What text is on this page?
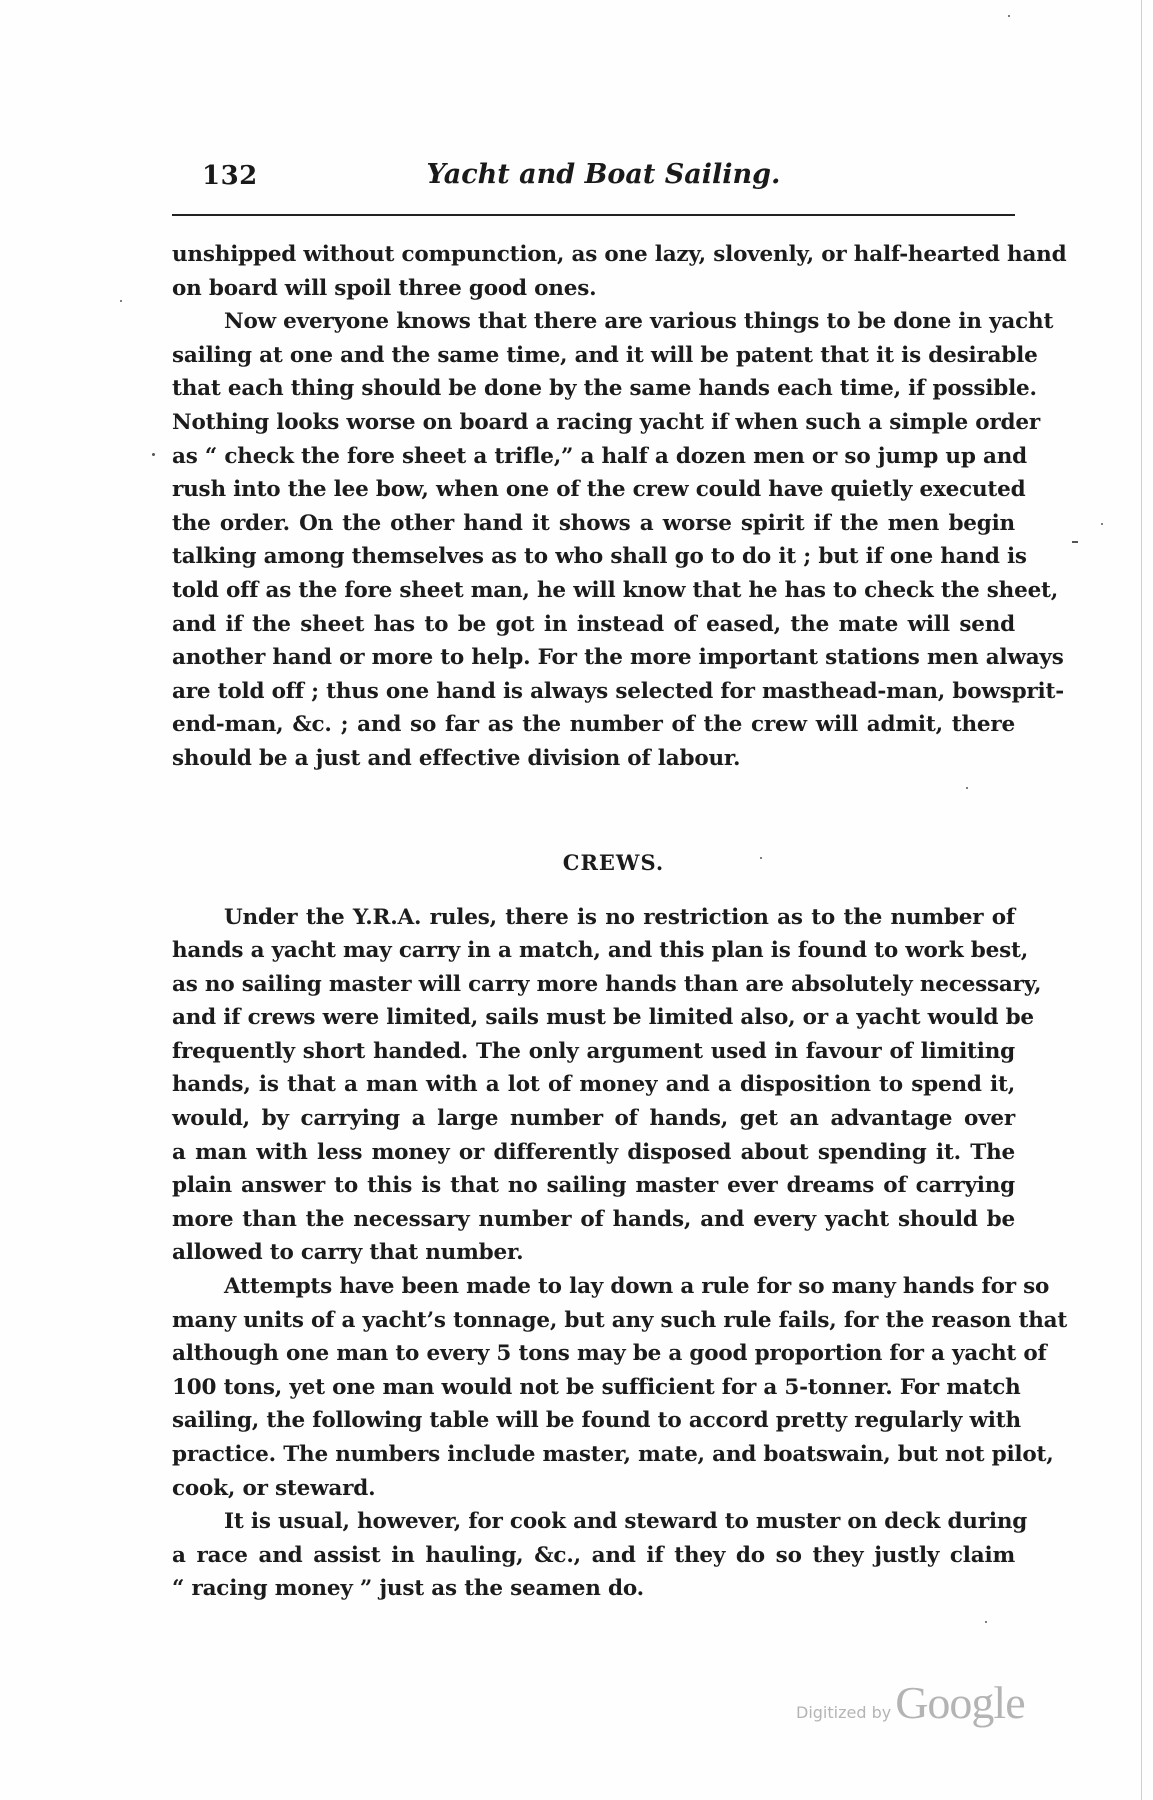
132	Yacht and Boat Sailing.
unshipped without compunction, as one lazy, slovenly, or half-hearted hand
on board will spoil three good ones.
Now everyone knows that there are various things to be done in yacht
sailing at one and the same time, and it will be patent that it is desirable
that each thing should be done by the same hands each time, if possible.
Nothing looks worse on board a racing yacht if when such a simple order
as “ check the fore sheet a trifle,” a half a dozen men or so jump up and
rush into the lee bow, when one of the crew could have quietly executed
the order. On the other hand it shows a worse spirit if the men begin
talking among themselves as to who shall go to do it ; but if one hand is
told off as the fore sheet man, he will know that he has to check the sheet,
and if the sheet has to be got in instead of eased, the mate will send
another hand or more to help. For the more important stations men always
are told off ; thus one hand is always selected for masthead-man, bowsprit-
end-man, &c. ; and so far as the number of the crew will admit, there
should be a just and effective division of labour.
CREWS.
Under the Y.R.A. rules, there is no restriction as to the number of
hands a yacht may carry in a match, and this plan is found to work best,
as no sailing master will carry more hands than are absolutely necessary,
and if crews were limited, sails must be limited also, or a yacht would be
frequently short handed. The only argument used in favour of limiting
hands, is that a man with a lot of money and a disposition to spend it,
would, by carrying a large number of hands, get an advantage over
a man with less money or differently disposed about spending it. The
plain answer to this is that no sailing master ever dreams of carrying
more than the necessary number of hands, and every yacht should be
allowed to carry that number.
Attempts have been made to lay down a rule for so many hands for so
many units of a yacht’s tonnage, but any such rule fails, for the reason that
although one man to every 5 tons may be a good proportion for a yacht of
100 tons, yet one man would not be sufficient for a 5-tonner. For match
sailing, the following table will be found to accord pretty regularly with
practice. The numbers include master, mate, and boatswain, but not pilot,
cook, or steward.
It is usual, however, for cook and steward to muster on deck during
a race and assist in hauling, &c., and if they do so they justly claim
“ racing money ” just as the seamen do.
Digitized byGoogle
